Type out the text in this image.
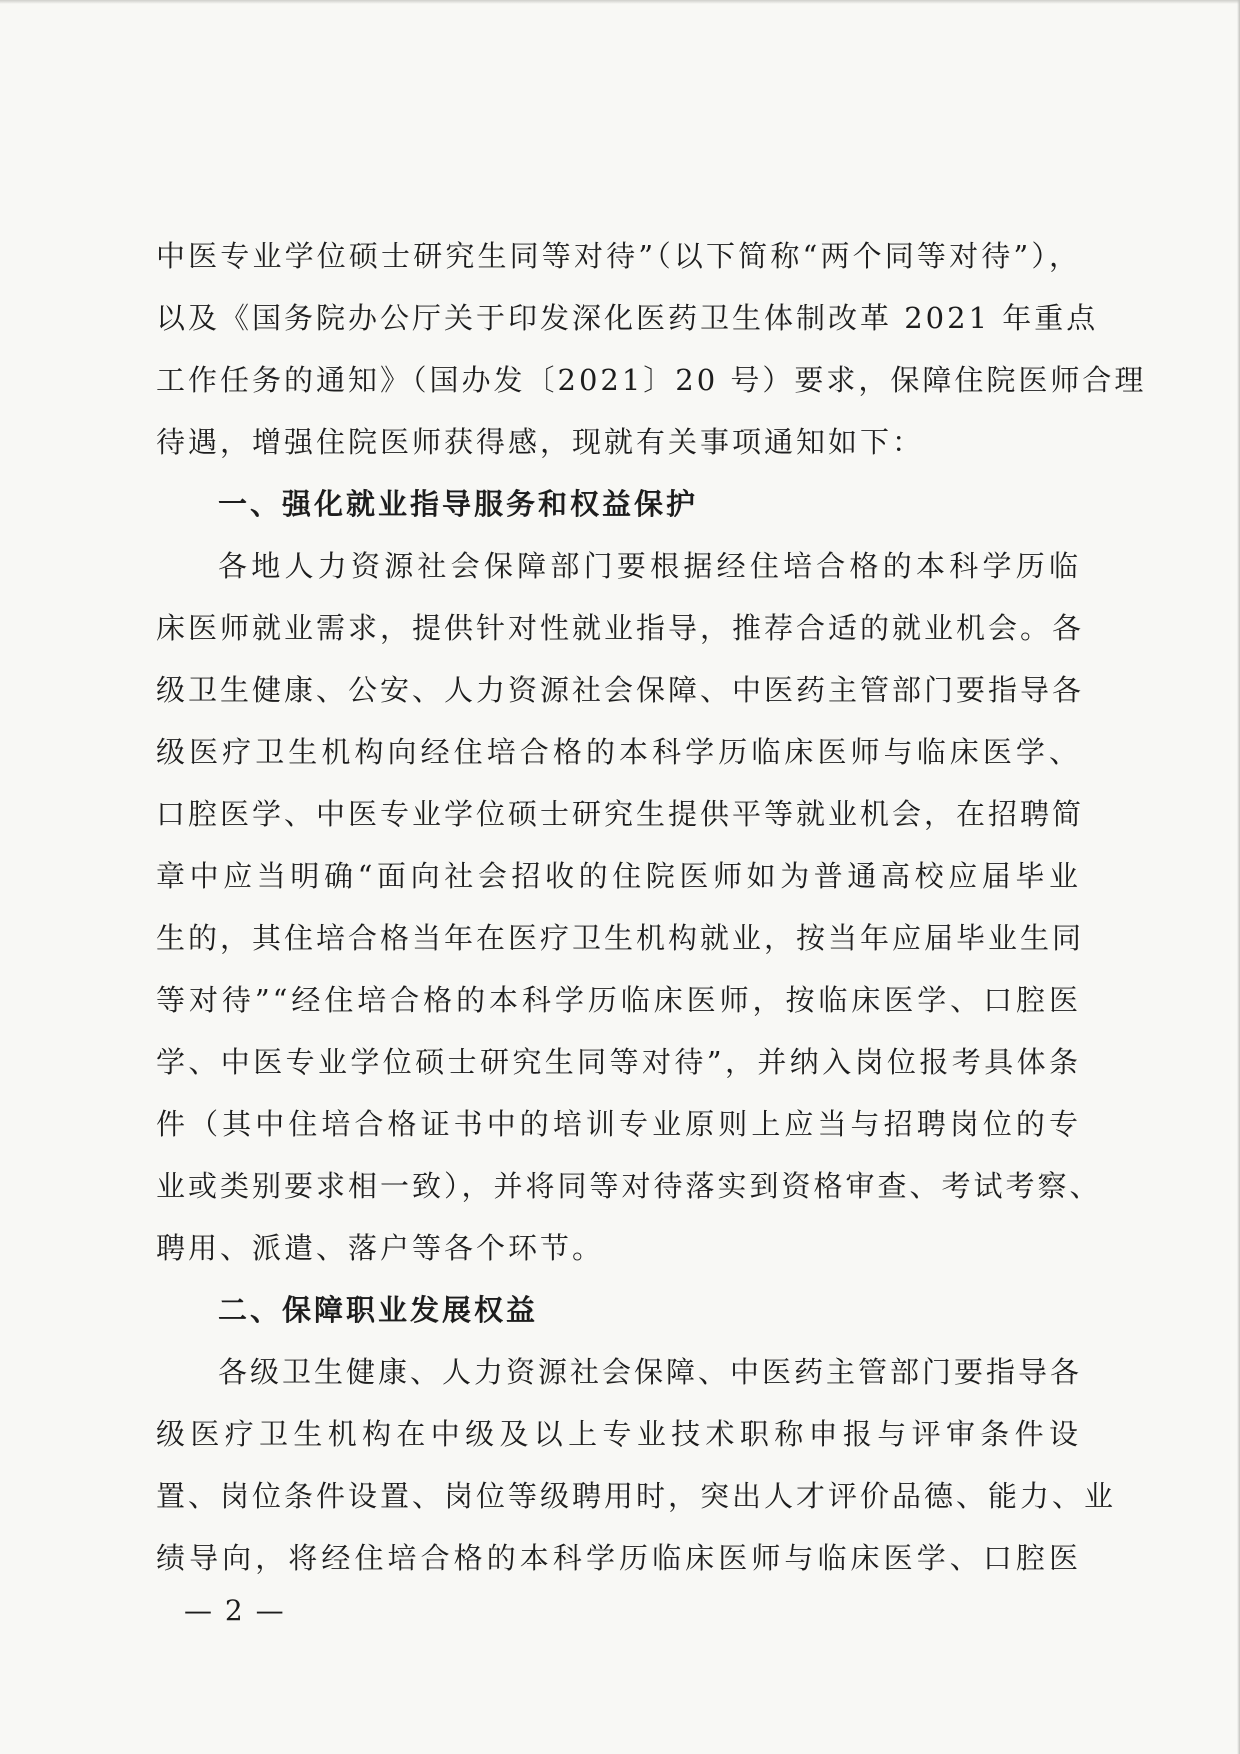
中医专业学位硕士研究生同等对待”（以下简称“两个同等对待”），
以及《国务院办公厅关于印发深化医药卫生体制改革 2021 年重点
工作任务的通知》（国办发〔2021〕20 号）要求，保障住院医师合理
待遇，增强住院医师获得感，现就有关事项通知如下：
一、强化就业指导服务和权益保护
各地人力资源社会保障部门要根据经住培合格的本科学历临
床医师就业需求，提供针对性就业指导，推荐合适的就业机会。各
级卫生健康、公安、人力资源社会保障、中医药主管部门要指导各
级医疗卫生机构向经住培合格的本科学历临床医师与临床医学、
口腔医学、中医专业学位硕士研究生提供平等就业机会，在招聘简
章中应当明确“面向社会招收的住院医师如为普通高校应届毕业
生的，其住培合格当年在医疗卫生机构就业，按当年应届毕业生同
等对待”“经住培合格的本科学历临床医师，按临床医学、口腔医
学、中医专业学位硕士研究生同等对待”，并纳入岗位报考具体条
件（其中住培合格证书中的培训专业原则上应当与招聘岗位的专
业或类别要求相一致），并将同等对待落实到资格审查、考试考察、
聘用、派遣、落户等各个环节。
二、保障职业发展权益
各级卫生健康、人力资源社会保障、中医药主管部门要指导各
级医疗卫生机构在中级及以上专业技术职称申报与评审条件设
置、岗位条件设置、岗位等级聘用时，突出人才评价品德、能力、业
绩导向，将经住培合格的本科学历临床医师与临床医学、口腔医
— 2 —
